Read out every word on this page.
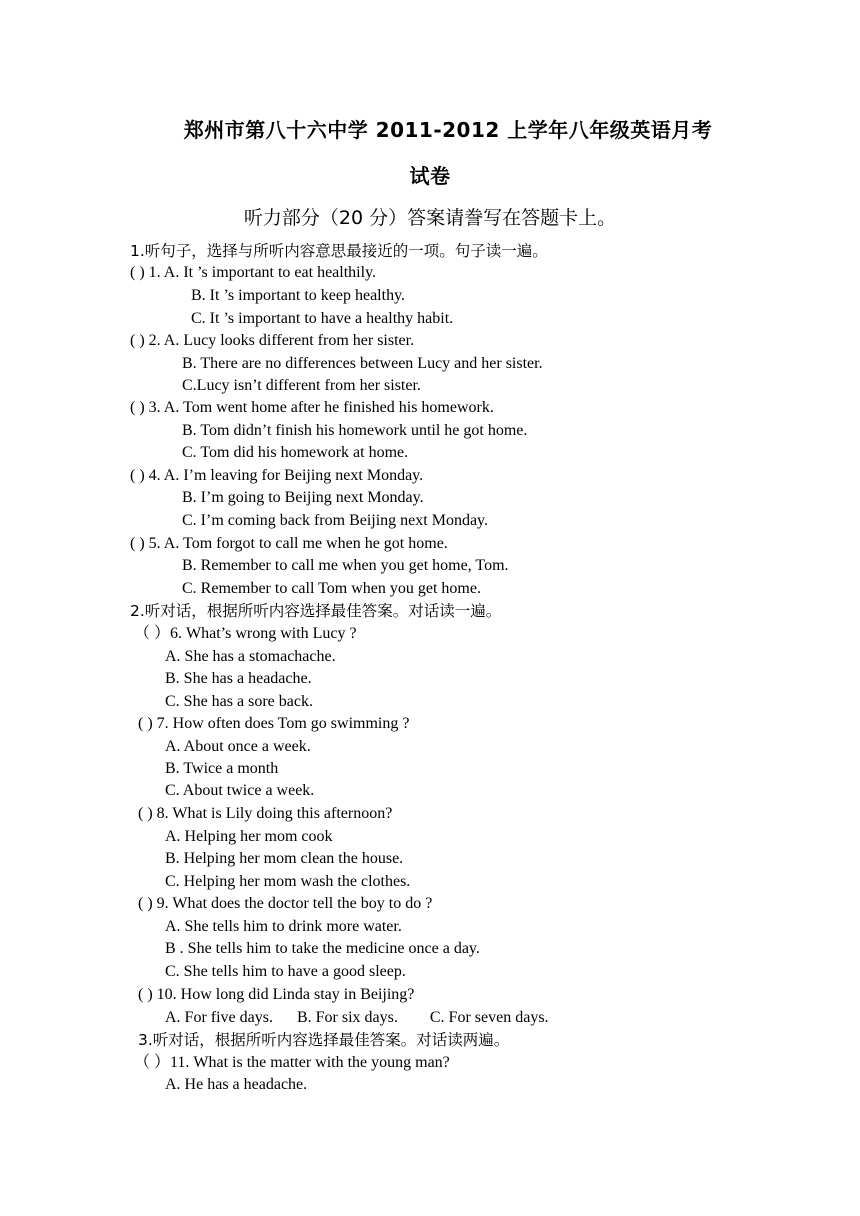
郑州市第八十六中学 2011-2012 上学年八年级英语月考
试卷
听力部分（20 分）答案请誊写在答题卡上。
1.听句子，选择与所听内容意思最接近的一项。句子读一遍。
( ) 1. A. It ’s important to eat healthily.
B. It ’s important to keep healthy.
C. It ’s important to have a healthy habit.
( ) 2. A. Lucy looks different from her sister.
B. There are no differences between Lucy and her sister.
C.Lucy isn’t different from her sister.
( ) 3. A. Tom went home after he finished his homework.
B. Tom didn’t finish his homework until he got home.
C. Tom did his homework at home.
( ) 4. A. I’m leaving for Beijing next Monday.
B. I’m going to Beijing next Monday.
C. I’m coming back from Beijing next Monday.
( ) 5. A. Tom forgot to call me when he got home.
B. Remember to call me when you get home, Tom.
C. Remember to call Tom when you get home.
2.听对话，根据所听内容选择最佳答案。对话读一遍。
（ ）6. What’s wrong with Lucy ?
A. She has a stomachache.
B. She has a headache.
C. She has a sore back.
( ) 7. How often does Tom go swimming ?
A. About once a week.
B. Twice a month
C. About twice a week.
( ) 8. What is Lily doing this afternoon?
A. Helping her mom cook
B. Helping her mom clean the house.
C. Helping her mom wash the clothes.
( ) 9. What does the doctor tell the boy to do ?
A. She tells him to drink more water.
B . She tells him to take the medicine once a day.
C. She tells him to have a good sleep.
( ) 10. How long did Linda stay in Beijing?
A. For five days.      B. For six days.        C. For seven days.
3.听对话，根据所听内容选择最佳答案。对话读两遍。
（ ）11. What is the matter with the young man?
A. He has a headache.
